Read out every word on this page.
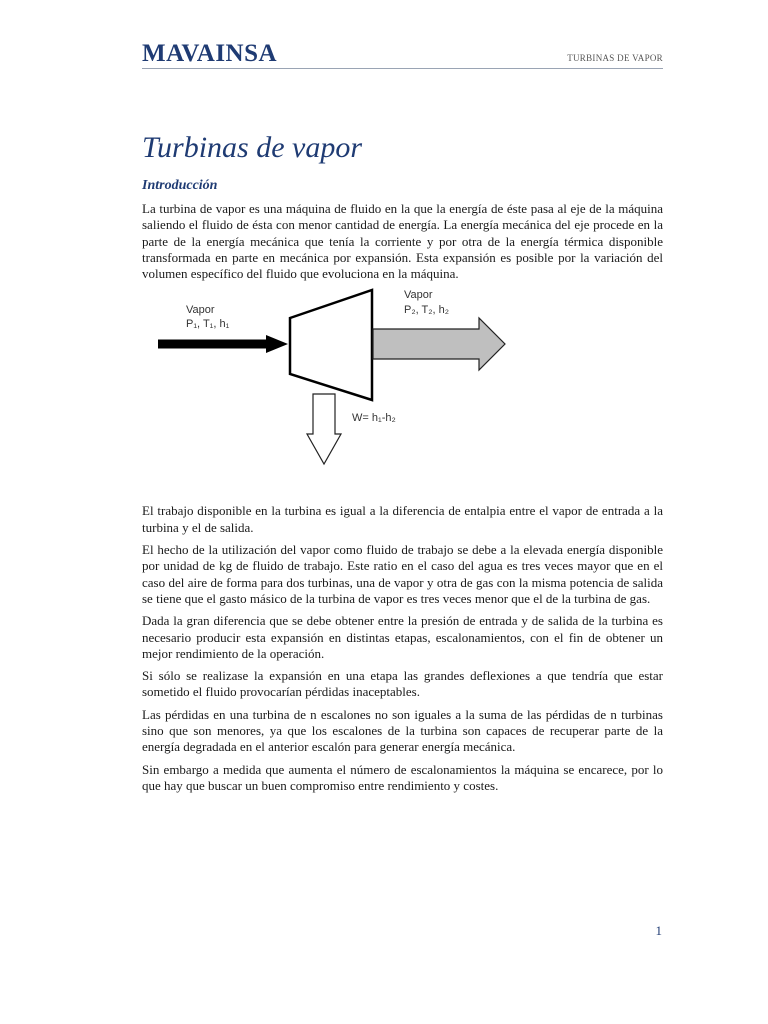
MAVAINSA	TURBINAS DE VAPOR
Turbinas de vapor
Introducción

La turbina de vapor es una máquina de fluido en la que la energía de éste pasa al eje de la máquina saliendo el fluido de ésta con menor cantidad de energía. La energía mecánica del eje procede en la parte de la energía mecánica que tenía la corriente y por otra de la energía térmica disponible transformada en parte en mecánica por expansión. Esta expansión es posible por la variación del volumen específico del fluido que evoluciona en la máquina.

Vapor
P₁, T₁, h₁
Vapor
P₂, T₂, h₂
W= h₁-h₂

El trabajo disponible en la turbina es igual a la diferencia de entalpia entre el vapor de entrada a la turbina y el de salida.

El hecho de la utilización del vapor como fluido de trabajo se debe a la elevada energía disponible por unidad de kg de fluido de trabajo. Este ratio en el caso del agua es tres veces mayor que en el caso del aire de forma para dos turbinas, una de vapor y otra de gas con la misma potencia de salida se tiene que el gasto másico de la turbina de vapor es tres veces menor que el de la turbina de gas.

Dada la gran diferencia que se debe obtener entre la presión de entrada y de salida de la turbina es necesario producir esta expansión en distintas etapas, escalonamientos, con el fin de obtener un mejor rendimiento de la operación.

Si sólo se realizase la expansión en una etapa las grandes deflexiones a que tendría que estar sometido el fluido provocarían pérdidas inaceptables.

Las pérdidas en una turbina de n escalones no son iguales a la suma de las pérdidas de n turbinas sino que son menores, ya que los escalones de la turbina son capaces de recuperar parte de la energía degradada en el anterior escalón para generar energía mecánica.

Sin embargo a medida que aumenta el número de escalonamientos la máquina se encarece, por lo que hay que buscar un buen compromiso entre rendimiento y costes.

1
